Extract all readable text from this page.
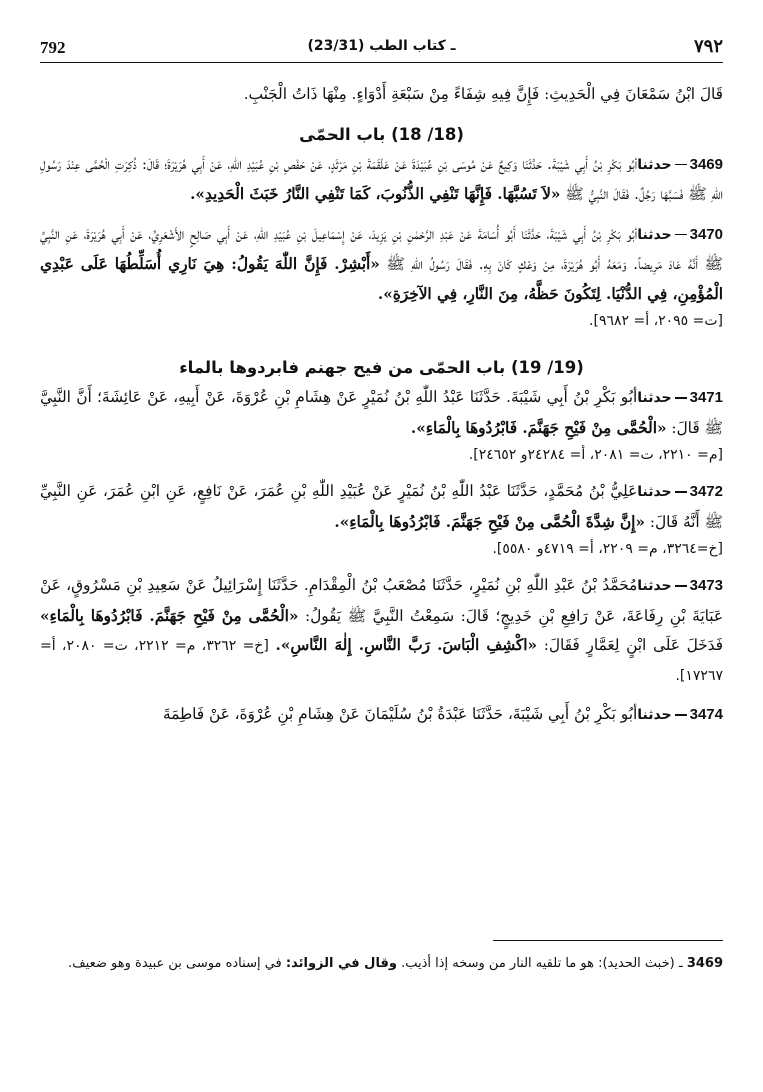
792	(23/31) ـ كتاب الطب	٧٩٢

قَالَ ابْنُ سَمْعَانَ فِي الْحَدِيثِ: فَإِنَّ فِيهِ شِفَاءً مِنْ سَبْعَةِ أَدْوَاءٍ. مِنْهَا ذَاتُ الْجَنْبِ.

(18/ 18) باب الحمّى

3469حدثناأبُو بَكْرِ بْنُ أَبِي شَيْبَةَ. حَدَّثَنَا وَكِيعٌ عَنْ مُوسَى بْنِ عُبَيْدَةَ عَنْ عَلْقَمَةَ بْنِ مَرْثَدٍ، عَنْ حَفْصِ بْنِ عُبَيْدِ اللّٰهِ، عَنْ أَبِي هُرَيْرَةَ؛ قَالَ: ذُكِرَتِ الْحُمَّى عِنْدَ رَسُولِ اللّٰهِ ﷺ فَسَبَّهَا رَجُلٌ. فَقَالَ النَّبِيُّ ﷺ «لاَ تَسُبَّهَا. فَإِنَّهَا تَنْفِي الذُّنُوبَ، كَمَا تَنْفِي النَّارُ خَبَثَ الْحَدِيدِ».

3470حدثناأبُو بَكْرِ بْنُ أَبِي شَيْبَةَ، حَدَّثَنَا أَبُو أُسَامَةَ عَنْ عَبْدِ الرَّحْمٰنِ بْنِ يَزِيدَ، عَنْ إِسْمَاعِيلَ بْنِ عُبَيْدِ اللّٰهِ، عَنْ أَبِي صَالِحٍ الأَشْعَرِيِّ، عَنْ أَبِي هُرَيْرَةَ، عَنِ النَّبِيِّ ﷺ أَنَّهُ عَادَ مَرِيضاً. وَمَعَهُ أَبُو هُرَيْرَةَ، مِنْ وَعْكٍ كَانَ بِهِ. فَقَالَ رَسُولُ اللّٰهِ ﷺ «أَبْشِرْ. فَإِنَّ اللّٰهَ يَقُولُ: هِيَ نَارِي أُسَلِّطُهَا عَلَى عَبْدِي الْمُؤْمِنِ، فِي الدُّنْيَا. لِتَكُونَ حَظَّهُ، مِنَ النَّارِ، فِي الآخِرَةِ».

[ت= ٢٠٩٥، أ= ٩٦٨٢].

(19/ 19) باب الحمّى من فيح جهنم فابردوها بالماء

3471حدثناأبُو بَكْرِ بْنُ أَبِي شَيْبَةَ. حَدَّثَنَا عَبْدُ اللّٰهِ بْنُ نُمَيْرٍ عَنْ هِشَامِ بْنِ عُرْوَةَ، عَنْ أَبِيهِ، عَنْ عَائِشَةَ؛ أَنَّ النَّبِيَّ ﷺ قَالَ: «الْحُمَّى مِنْ فَيْحِ جَهَنَّمَ. فَابْرُدُوهَا بِالْمَاءِ».

[م= ٢٢١٠، ت= ٢٠٨١، أ= ٢٤٢٨٤و ٢٤٦٥٢].

3472حدثناعَلِيُّ بْنُ مُحَمَّدٍ، حَدَّثَنَا عَبْدُ اللّٰهِ بْنُ نُمَيْرٍ عَنْ عُبَيْدِ اللّٰهِ بْنِ عُمَرَ، عَنْ نَافِعٍ، عَنِ ابْنِ عُمَرَ، عَنِ النَّبِيِّ ﷺ أَنَّهُ قَالَ: «إِنَّ شِدَّةَ الْحُمَّى مِنْ فَيْحِ جَهَنَّمَ. فَابْرُدُوهَا بِالْمَاءِ».

[خ=٣٢٦٤، م= ٢٢٠٩، أ= ٤٧١٩و ٥٥٨٠].

3473حدثنامُحَمَّدُ بْنُ عَبْدِ اللّٰهِ بْنِ نُمَيْرٍ، حَدَّثَنَا مُصْعَبُ بْنُ الْمِقْدَامِ. حَدَّثَنَا إِسْرَائِيلُ عَنْ سَعِيدِ بْنِ مَسْرُوقٍ، عَنْ عَبَايَةَ بْنِ رِفَاعَةَ، عَنْ رَافِعِ بْنِ خَدِيجٍ؛ قَالَ: سَمِعْتُ النَّبِيَّ ﷺ يَقُولُ: «الْحُمَّى مِنْ فَيْحِ جَهَنَّمَ. فَابْرُدُوهَا بِالْمَاءِ» فَدَخَلَ عَلَى ابْنٍ لِعَمَّارٍ فَقَالَ: «اكْشِفِ الْبَاسَ. رَبَّ النَّاسِ. إِلٰهَ النَّاسِ». [خ= ٣٢٦٢، م= ٢٢١٢، ت= ٢٠٨٠، أ= ١٧٢٦٧].

3474حدثناأبُو بَكْرِ بْنُ أَبِي شَيْبَةَ، حَدَّثَنَا عَبْدَةُ بْنُ سُلَيْمَانَ عَنْ هِشَامِ بْنِ عُرْوَةَ، عَنْ فَاطِمَةَ

3469 ـ (خبث الحديد): هو ما تلقيه النار من وسخه إذا أذيب. وقال في الزوائد: في إسناده موسى بن عبيدة وهو ضعيف.
